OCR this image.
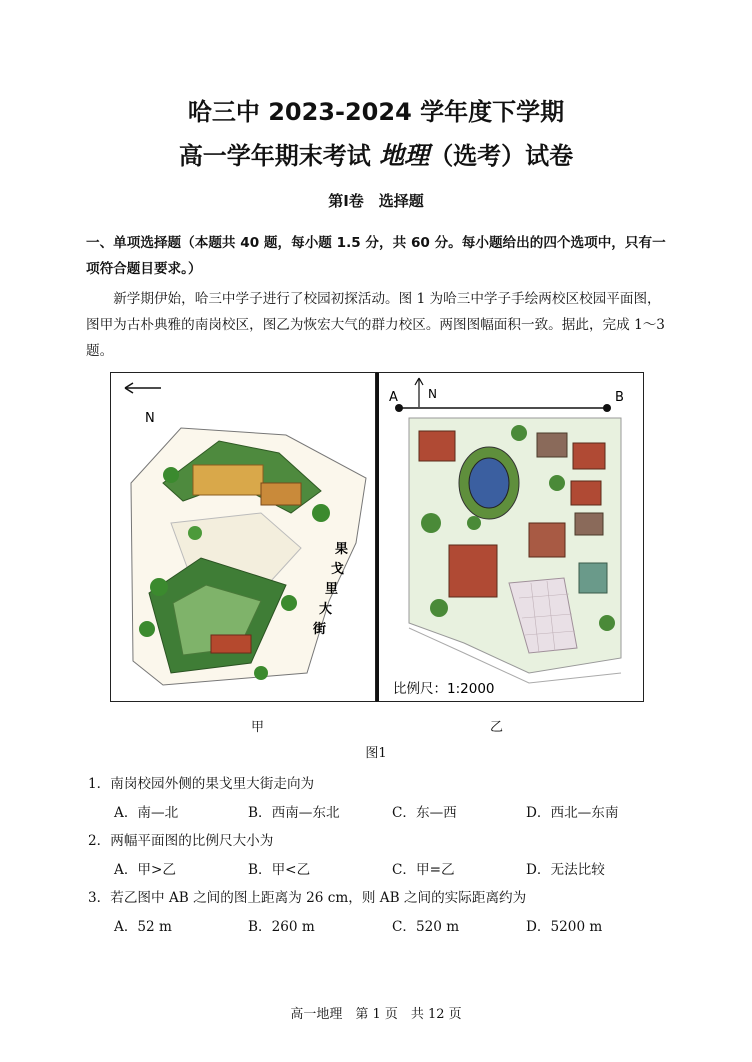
哈三中 2023-2024 学年度下学期
高一学年期末考试 地理（选考）试卷
第Ⅰ卷　选择题
一、单项选择题（本题共 40 题，每小题 1.5 分，共 60 分。每小题给出的四个选项中，只有一项符合题目要求。）
新学期伊始，哈三中学子进行了校园初探活动。图 1 为哈三中学子手绘两校区校园平面图，图甲为古朴典雅的南岗校区，图乙为恢宏大气的群力校区。两图图幅面积一致。据此，完成 1～3 题。
N
果
戈
里
大
街
A	B
N
比例尺：1:2000
甲	乙
图1
1．南岗校园外侧的果戈里大街走向为
A．南—北	B．西南—东北	C．东—西	D．西北—东南
2．两幅平面图的比例尺大小为
A．甲>乙	B．甲<乙	C．甲=乙	D．无法比较
3．若乙图中 AB 之间的图上距离为 26 cm，则 AB 之间的实际距离约为
A．52 m	B．260 m	C．520 m	D．5200 m
高一地理　第 1 页　共 12 页
